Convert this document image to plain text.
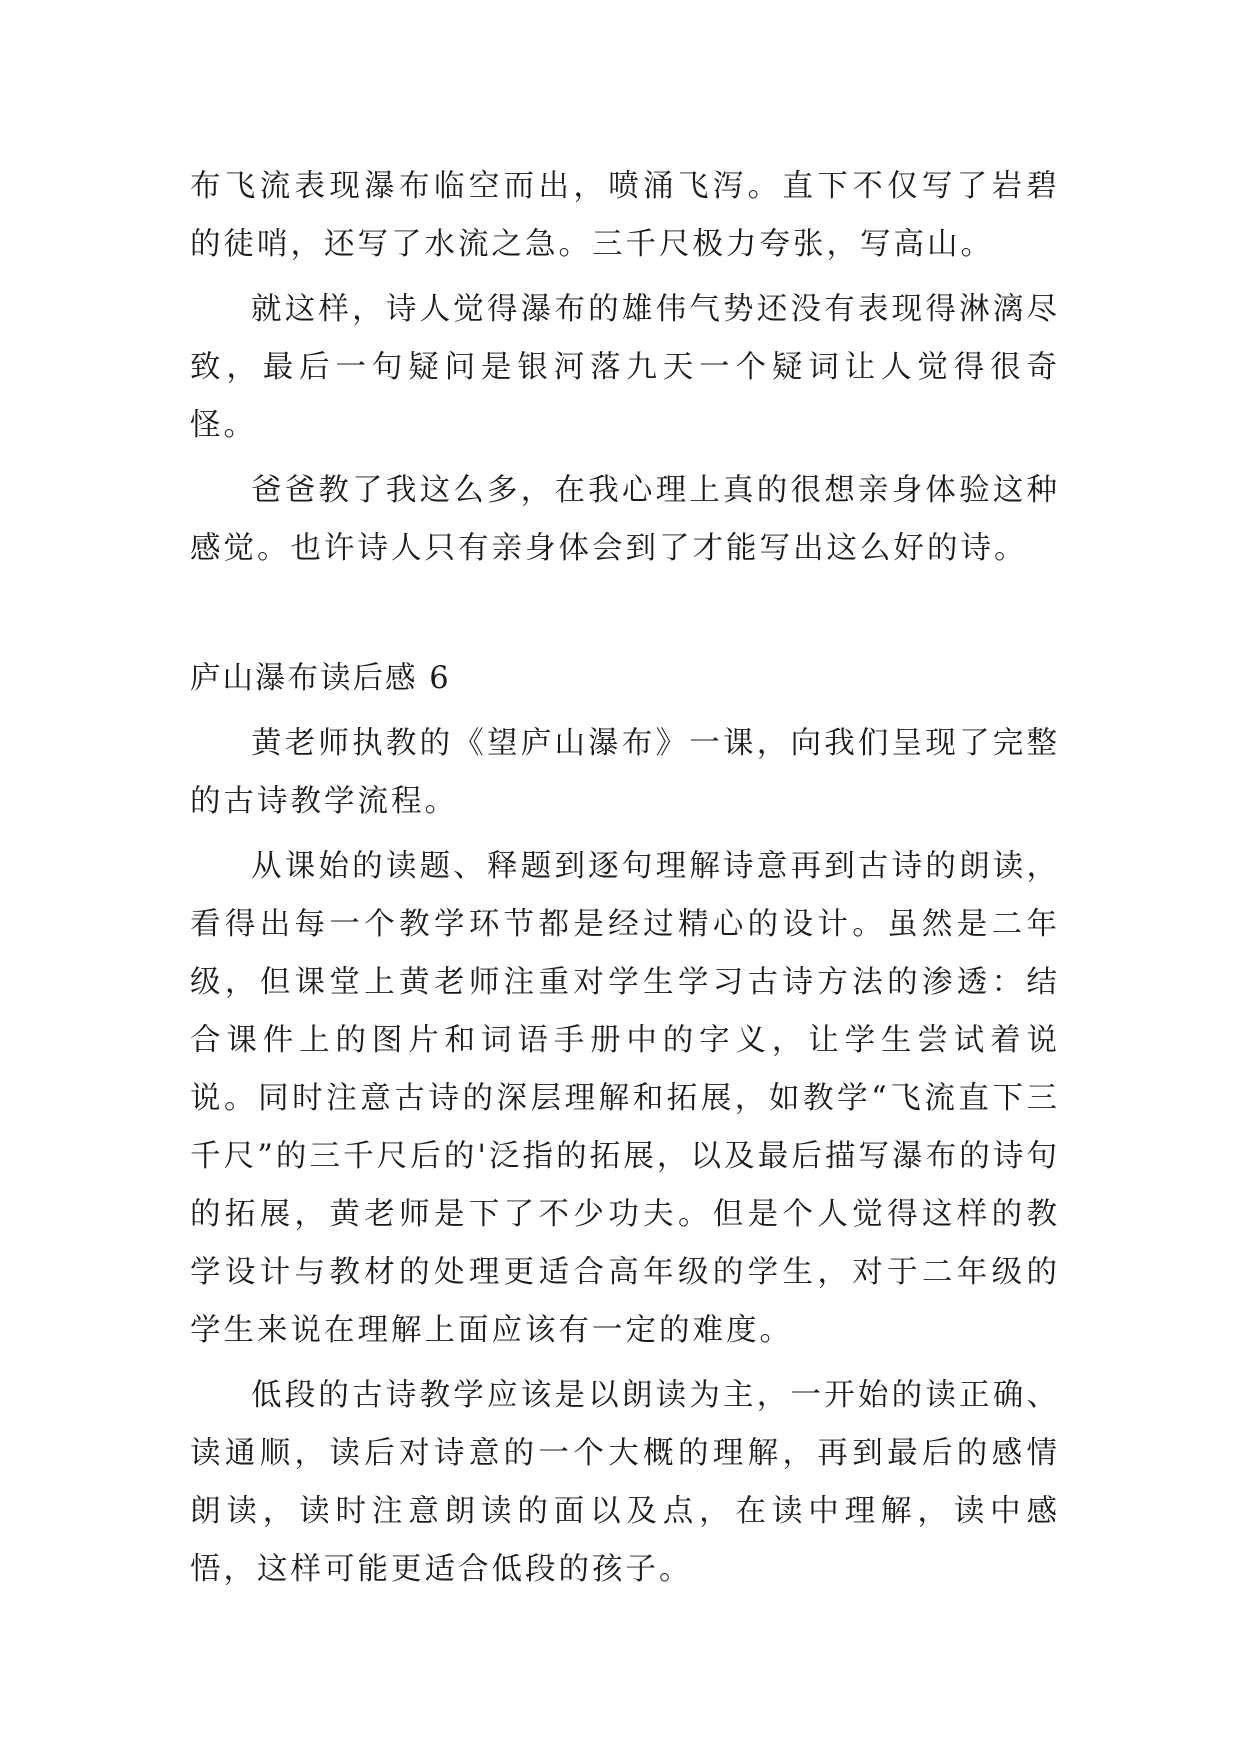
布飞流表现瀑布临空而出，喷涌飞泻。直下不仅写了岩碧的徒哨，还写了水流之急。三千尺极力夸张，写高山。

就这样，诗人觉得瀑布的雄伟气势还没有表现得淋漓尽致，最后一句疑问是银河落九天一个疑词让人觉得很奇怪。

爸爸教了我这么多，在我心理上真的很想亲身体验这种感觉。也许诗人只有亲身体会到了才能写出这么好的诗。

庐山瀑布读后感 6

黄老师执教的《望庐山瀑布》一课，向我们呈现了完整的古诗教学流程。

从课始的读题、释题到逐句理解诗意再到古诗的朗读，看得出每一个教学环节都是经过精心的设计。虽然是二年级，但课堂上黄老师注重对学生学习古诗方法的渗透：结合课件上的图片和词语手册中的字义，让学生尝试着说说。同时注意古诗的深层理解和拓展，如教学“飞流直下三千尺”的三千尺后的'泛指的拓展，以及最后描写瀑布的诗句的拓展，黄老师是下了不少功夫。但是个人觉得这样的教学设计与教材的处理更适合高年级的学生，对于二年级的学生来说在理解上面应该有一定的难度。

低段的古诗教学应该是以朗读为主，一开始的读正确、读通顺，读后对诗意的一个大概的理解，再到最后的感情朗读，读时注意朗读的面以及点，在读中理解，读中感悟，这样可能更适合低段的孩子。
